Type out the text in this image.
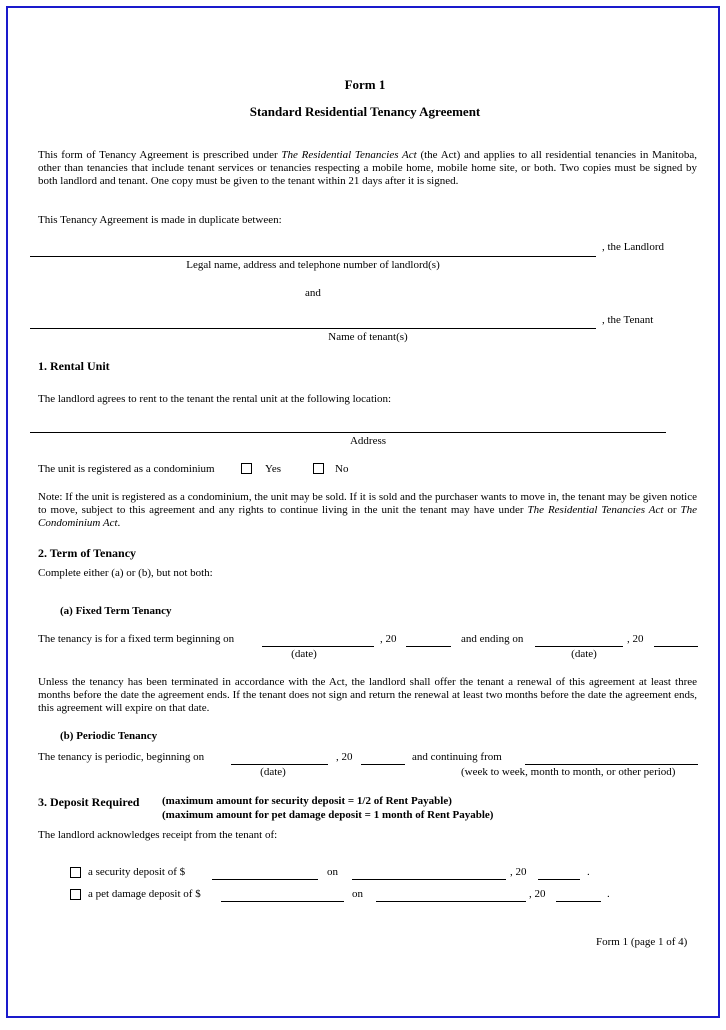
Form 1
Standard Residential Tenancy Agreement
This form of Tenancy Agreement is prescribed under The Residential Tenancies Act (the Act) and applies to all residential tenancies in Manitoba, other than tenancies that include tenant services or tenancies respecting a mobile home, mobile home site, or both. Two copies must be signed by both landlord and tenant. One copy must be given to the tenant within 21 days after it is signed.
This Tenancy Agreement is made in duplicate between:
, the Landlord
Legal name, address and telephone number of landlord(s)
and
, the Tenant
Name of tenant(s)
1. Rental Unit
The landlord agrees to rent to the tenant the rental unit at the following location:
Address
The unit is registered as a condominium	Yes	No
Note: If the unit is registered as a condominium, the unit may be sold. If it is sold and the purchaser wants to move in, the tenant may be given notice to move, subject to this agreement and any rights to continue living in the unit the tenant may have under The Residential Tenancies Act or The Condominium Act.
2. Term of Tenancy
Complete either (a) or (b), but not both:
(a) Fixed Term Tenancy
The tenancy is for a fixed term beginning on	, 20	and ending on	, 20
(date)	(date)
Unless the tenancy has been terminated in accordance with the Act, the landlord shall offer the tenant a renewal of this agreement at least three months before the date the agreement ends. If the tenant does not sign and return the renewal at least two months before the date the agreement ends, this agreement will expire on that date.
(b) Periodic Tenancy
The tenancy is periodic, beginning on	, 20	and continuing from
(date)	(week to week, month to month, or other period)
3. Deposit Required (maximum amount for security deposit = 1/2 of Rent Payable)
(maximum amount for pet damage deposit = 1 month of Rent Payable)
The landlord acknowledges receipt from the tenant of:
a security deposit of $	on	, 20	.
a pet damage deposit of $	on	, 20	.
Form 1 (page 1 of 4)
